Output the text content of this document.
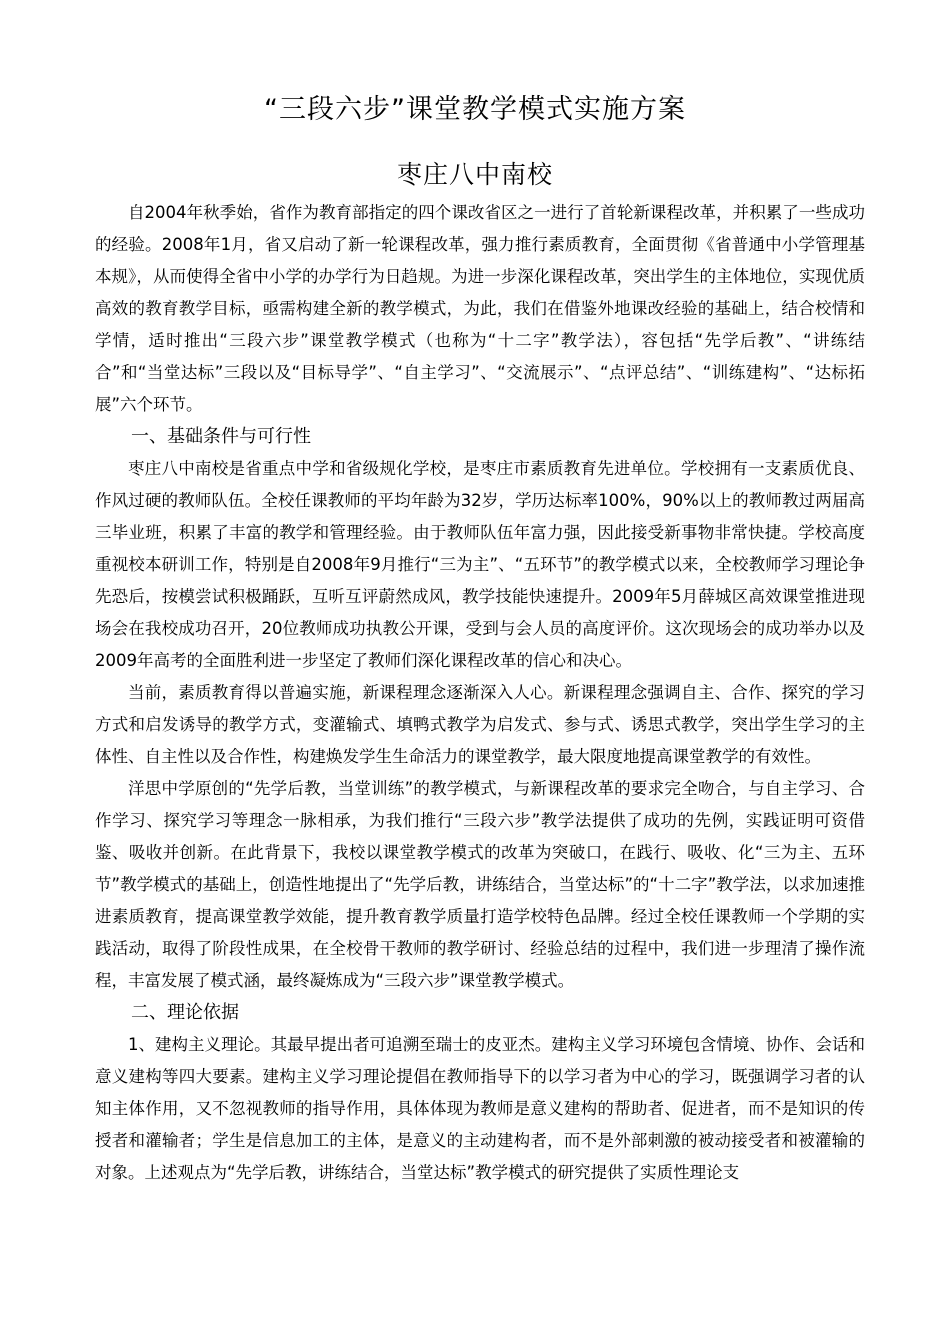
“三段六步”课堂教学模式实施方案
枣庄八中南校

自2004年秋季始，省作为教育部指定的四个课改省区之一进行了首轮新课程改革，并积累了一些成功的经验。2008年1月，省又启动了新一轮课程改革，强力推行素质教育，全面贯彻《省普通中小学管理基本规》，从而使得全省中小学的办学行为日趋规。为进一步深化课程改革，突出学生的主体地位，实现优质高效的教育教学目标，亟需构建全新的教学模式，为此，我们在借鉴外地课改经验的基础上，结合校情和学情，适时推出“三段六步”课堂教学模式（也称为“十二字”教学法），容包括“先学后教”、“讲练结合”和“当堂达标”三段以及“目标导学”、“自主学习”、“交流展示”、“点评总结”、“训练建构”、“达标拓展”六个环节。

一、基础条件与可行性

枣庄八中南校是省重点中学和省级规化学校，是枣庄市素质教育先进单位。学校拥有一支素质优良、作风过硬的教师队伍。全校任课教师的平均年龄为32岁，学历达标率100%，90%以上的教师教过两届高三毕业班，积累了丰富的教学和管理经验。由于教师队伍年富力强，因此接受新事物非常快捷。学校高度重视校本研训工作，特别是自2008年9月推行“三为主”、“五环节”的教学模式以来，全校教师学习理论争先恐后，按模尝试积极踊跃，互听互评蔚然成风，教学技能快速提升。2009年5月薛城区高效课堂推进现场会在我校成功召开，20位教师成功执教公开课，受到与会人员的高度评价。这次现场会的成功举办以及2009年高考的全面胜利进一步坚定了教师们深化课程改革的信心和决心。

当前，素质教育得以普遍实施，新课程理念逐渐深入人心。新课程理念强调自主、合作、探究的学习方式和启发诱导的教学方式，变灌输式、填鸭式教学为启发式、参与式、诱思式教学，突出学生学习的主体性、自主性以及合作性，构建焕发学生生命活力的课堂教学，最大限度地提高课堂教学的有效性。

洋思中学原创的“先学后教，当堂训练”的教学模式，与新课程改革的要求完全吻合，与自主学习、合作学习、探究学习等理念一脉相承，为我们推行“三段六步”教学法提供了成功的先例，实践证明可资借鉴、吸收并创新。在此背景下，我校以课堂教学模式的改革为突破口，在践行、吸收、化“三为主、五环节”教学模式的基础上，创造性地提出了“先学后教，讲练结合，当堂达标”的“十二字”教学法，以求加速推进素质教育，提高课堂教学效能，提升教育教学质量打造学校特色品牌。经过全校任课教师一个学期的实践活动，取得了阶段性成果，在全校骨干教师的教学研讨、经验总结的过程中，我们进一步理清了操作流程，丰富发展了模式涵，最终凝炼成为“三段六步”课堂教学模式。

二、理论依据

1、建构主义理论。其最早提出者可追溯至瑞士的皮亚杰。建构主义学习环境包含情境、协作、会话和意义建构等四大要素。建构主义学习理论提倡在教师指导下的以学习者为中心的学习，既强调学习者的认知主体作用，又不忽视教师的指导作用，具体体现为教师是意义建构的帮助者、促进者，而不是知识的传授者和灌输者；学生是信息加工的主体，是意义的主动建构者，而不是外部刺激的被动接受者和被灌输的对象。上述观点为“先学后教，讲练结合，当堂达标”教学模式的研究提供了实质性理论支
